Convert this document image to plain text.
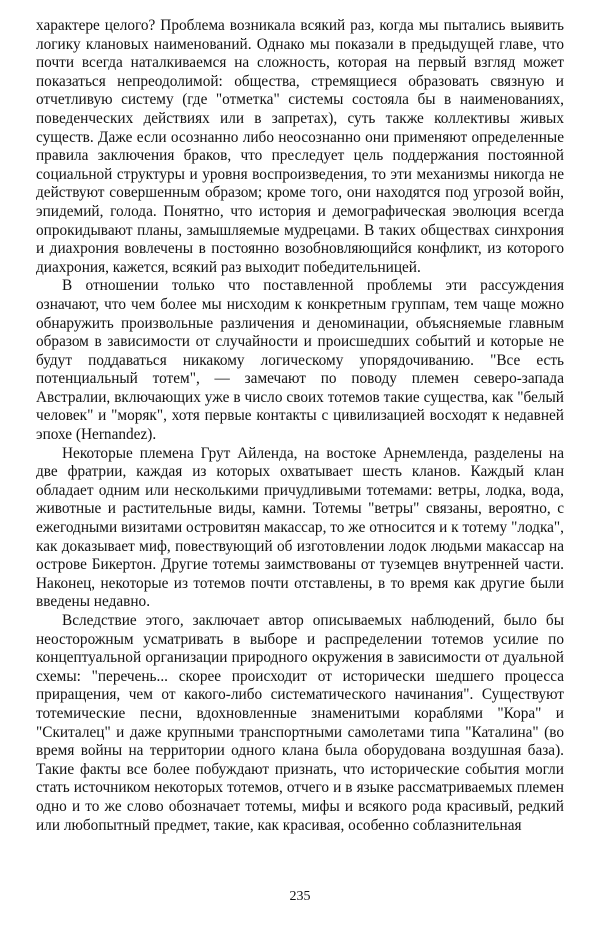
характере целого? Проблема возникала всякий раз, когда мы пытались выявить логику клановых наименований. Однако мы показали в предыдущей главе, что почти всегда наталкиваемся на сложность, которая на первый взгляд может показаться непреодолимой: общества, стремящиеся образовать связную и отчетливую систему (где "отметка" системы состояла бы в наименованиях, поведенческих действиях или в запретах), суть также коллективы живых существ. Даже если осознанно либо неосознанно они применяют определенные правила заключения браков, что преследует цель поддержания постоянной социальной структуры и уровня воспроизведения, то эти механизмы никогда не действуют совершенным образом; кроме того, они находятся под угрозой войн, эпидемий, голода. Понятно, что история и демографическая эволюция всегда опрокидывают планы, замышляемые мудрецами. В таких обществах синхрония и диахрония вовлечены в постоянно возобновляющийся конфликт, из которого диахрония, кажется, всякий раз выходит победительницей.

В отношении только что поставленной проблемы эти рассуждения означают, что чем более мы нисходим к конкретным группам, тем чаще можно обнаружить произвольные различения и деноминации, объясняемые главным образом в зависимости от случайности и происшедших событий и которые не будут поддаваться никакому логическому упорядочиванию. "Все есть потенциальный тотем", — замечают по поводу племен северо-запада Австралии, включающих уже в число своих тотемов такие существа, как "белый человек" и "моряк", хотя первые контакты с цивилизацией восходят к недавней эпохе (Hernandez).

Некоторые племена Грут Айленда, на востоке Арнемленда, разделены на две фратрии, каждая из которых охватывает шесть кланов. Каждый клан обладает одним или несколькими причудливыми тотемами: ветры, лодка, вода, животные и растительные виды, камни. Тотемы "ветры" связаны, вероятно, с ежегодными визитами островитян макассар, то же относится и к тотему "лодка", как доказывает миф, повествующий об изготовлении лодок людьми макассар на острове Бикертон. Другие тотемы заимствованы от туземцев внутренней части. Наконец, некоторые из тотемов почти отставлены, в то время как другие были введены недавно.

Вследствие этого, заключает автор описываемых наблюдений, было бы неосторожным усматривать в выборе и распределении тотемов усилие по концептуальной организации природного окружения в зависимости от дуальной схемы: "перечень... скорее происходит от исторически шедшего процесса приращения, чем от какого-либо систематического начинания". Существуют тотемические песни, вдохновленные знаменитыми кораблями "Кора" и "Скиталец" и даже крупными транспортными самолетами типа "Каталина" (во время войны на территории одного клана была оборудована воздушная база). Такие факты все более побуждают признать, что исторические события могли стать источником некоторых тотемов, отчего и в языке рассматриваемых племен одно и то же слово обозначает тотемы, мифы и всякого рода красивый, редкий или любопытный предмет, такие, как красивая, особенно соблазнительная

235
